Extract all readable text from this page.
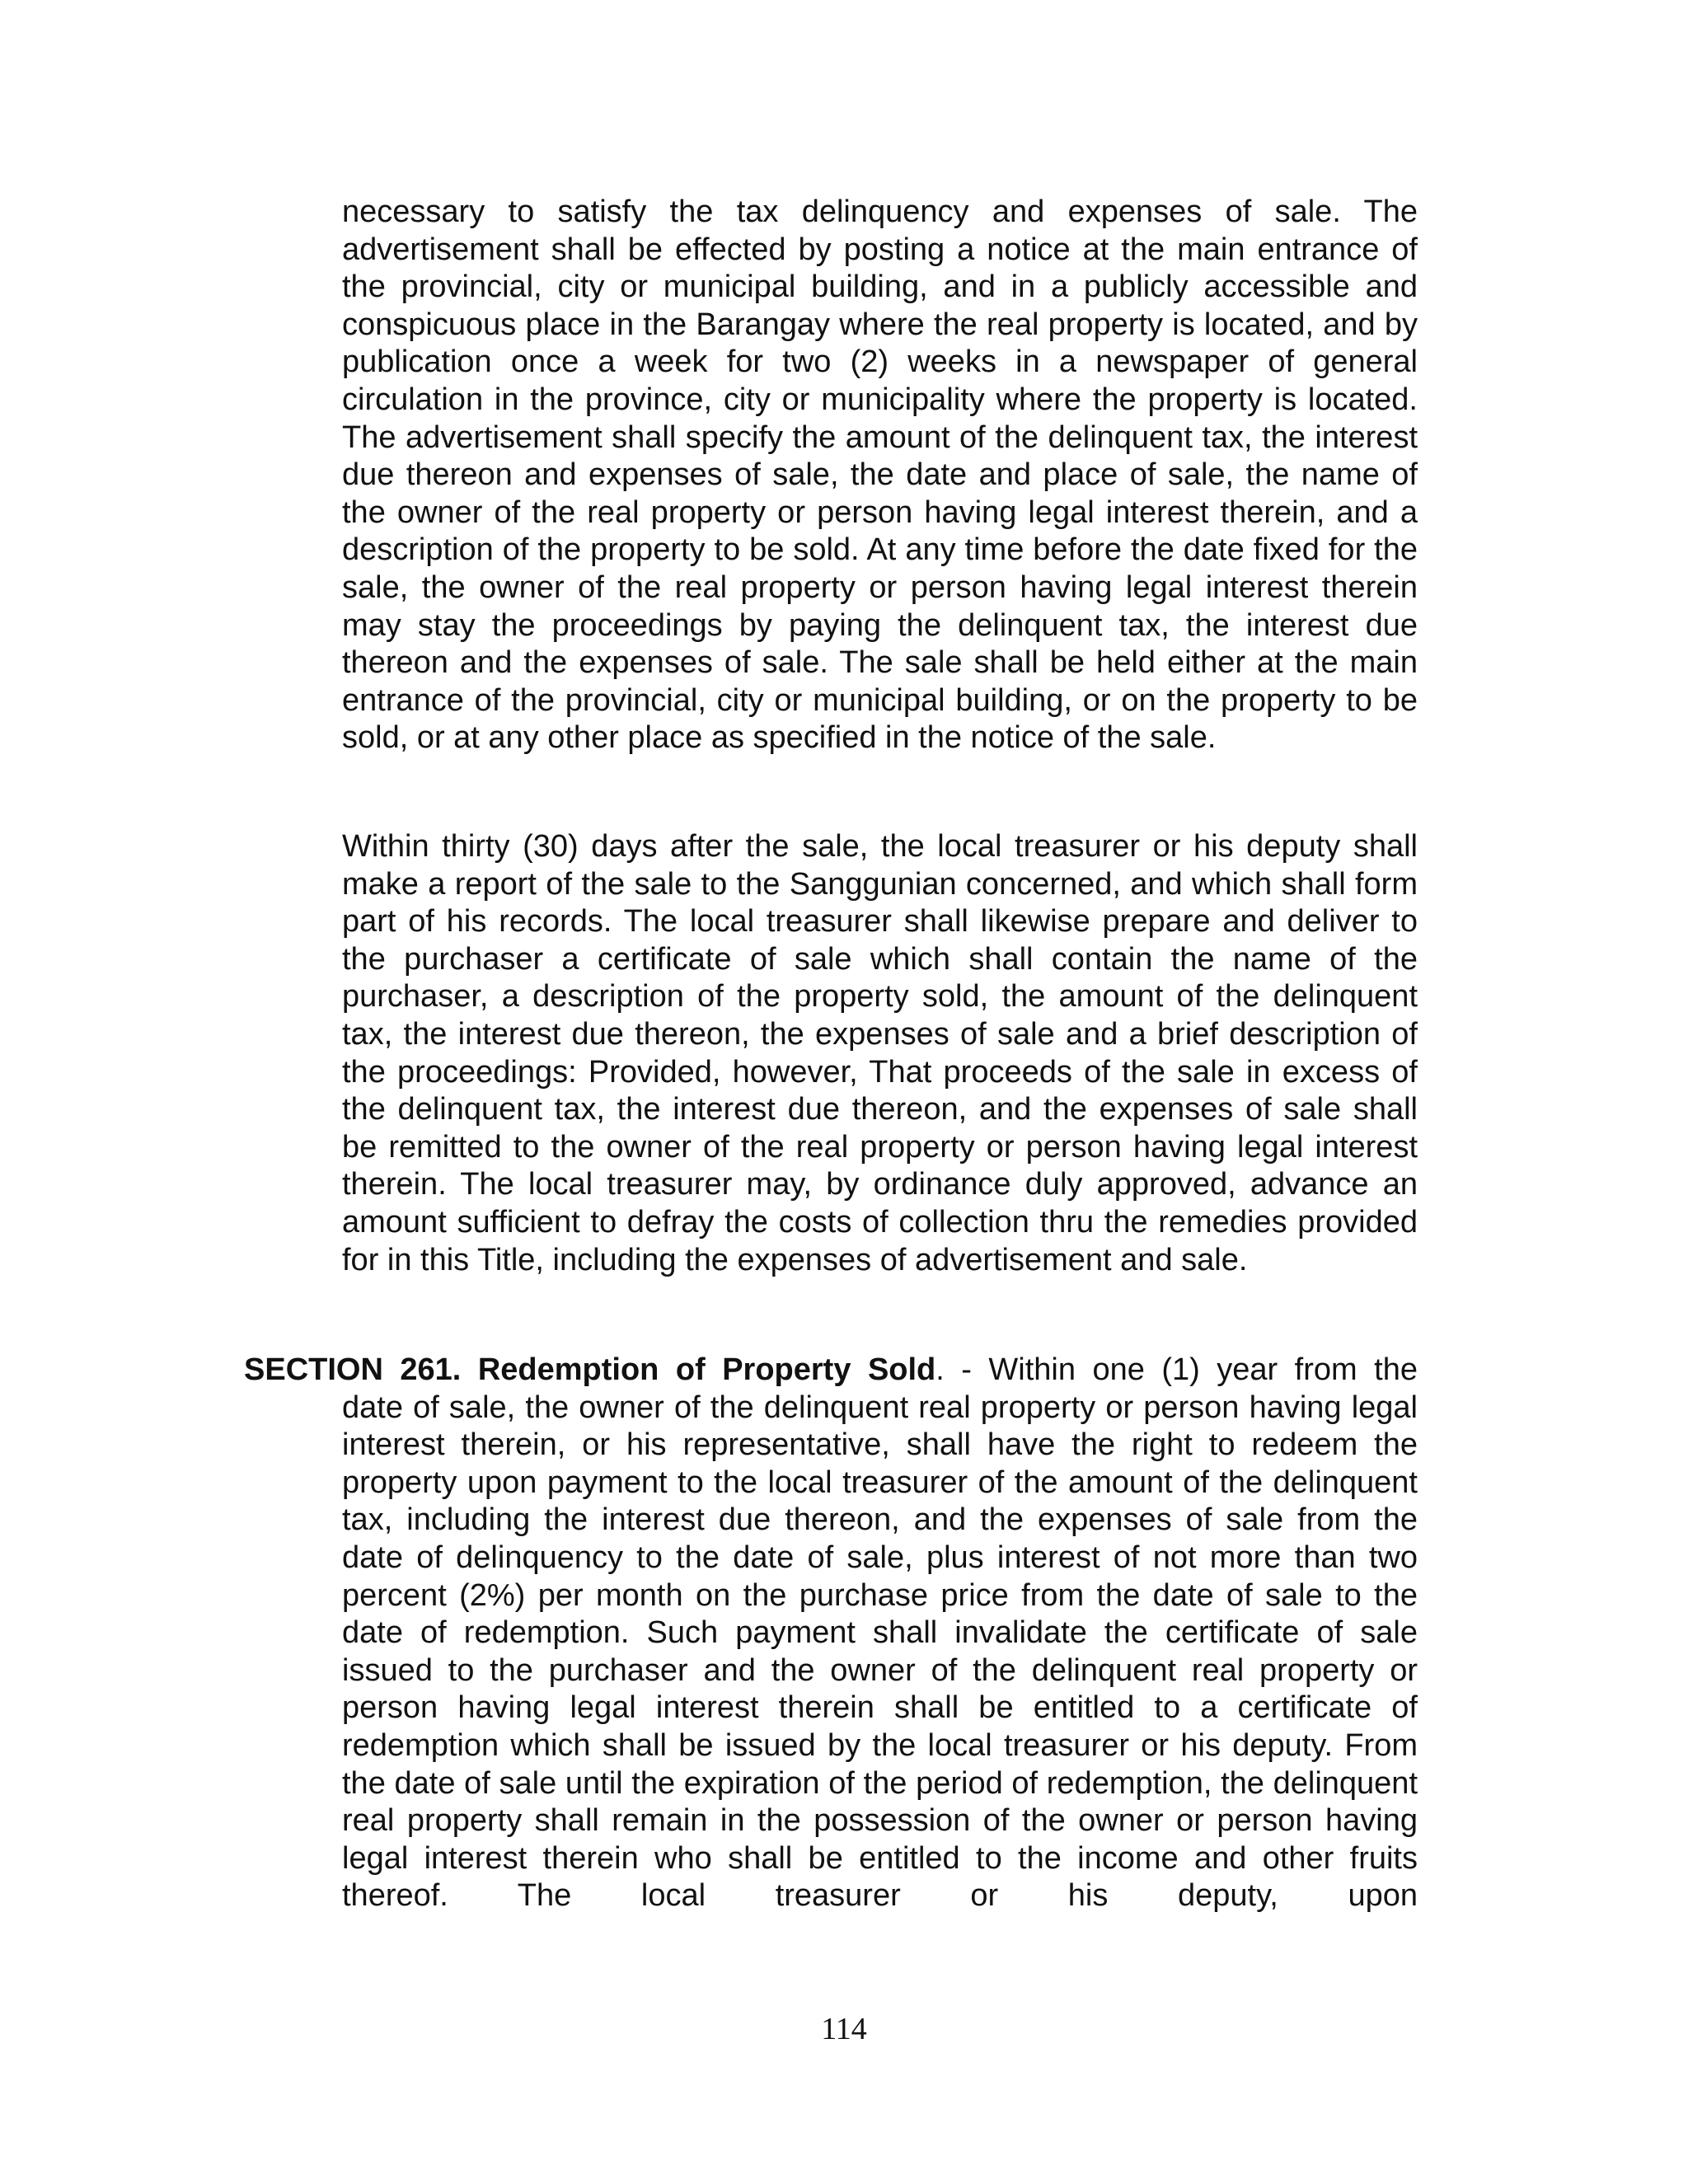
necessary to satisfy the tax delinquency and expenses of sale. The advertisement shall be effected by posting a notice at the main entrance of the provincial, city or municipal building, and in a publicly accessible and conspicuous place in the Barangay where the real property is located, and by publication once a week for two (2) weeks in a newspaper of general circulation in the province, city or municipality where the property is located. The advertisement shall specify the amount of the delinquent tax, the interest due thereon and expenses of sale, the date and place of sale, the name of the owner of the real property or person having legal interest therein, and a description of the property to be sold. At any time before the date fixed for the sale, the owner of the real property or person having legal interest therein may stay the proceedings by paying the delinquent tax, the interest due thereon and the expenses of sale. The sale shall be held either at the main entrance of the provincial, city or municipal building, or on the property to be sold, or at any other place as specified in the notice of the sale.

Within thirty (30) days after the sale, the local treasurer or his deputy shall make a report of the sale to the Sanggunian concerned, and which shall form part of his records. The local treasurer shall likewise prepare and deliver to the purchaser a certificate of sale which shall contain the name of the purchaser, a description of the property sold, the amount of the delinquent tax, the interest due thereon, the expenses of sale and a brief description of the proceedings: Provided, however, That proceeds of the sale in excess of the delinquent tax, the interest due thereon, and the expenses of sale shall be remitted to the owner of the real property or person having legal interest therein. The local treasurer may, by ordinance duly approved, advance an amount sufficient to defray the costs of collection thru the remedies provided for in this Title, including the expenses of advertisement and sale.

SECTION 261. Redemption of Property Sold. - Within one (1) year from the
date of sale, the owner of the delinquent real property or person having legal interest therein, or his representative, shall have the right to redeem the property upon payment to the local treasurer of the amount of the delinquent tax, including the interest due thereon, and the expenses of sale from the date of delinquency to the date of sale, plus interest of not more than two percent (2%) per month on the purchase price from the date of sale to the date of redemption. Such payment shall invalidate the certificate of sale issued to the purchaser and the owner of the delinquent real property or person having legal interest therein shall be entitled to a certificate of redemption which shall be issued by the local treasurer or his deputy. From the date of sale until the expiration of the period of redemption, the delinquent real property shall remain in the possession of the owner or person having legal interest therein who shall be entitled to the income and other fruits thereof. The local treasurer or his deputy, upon
114
